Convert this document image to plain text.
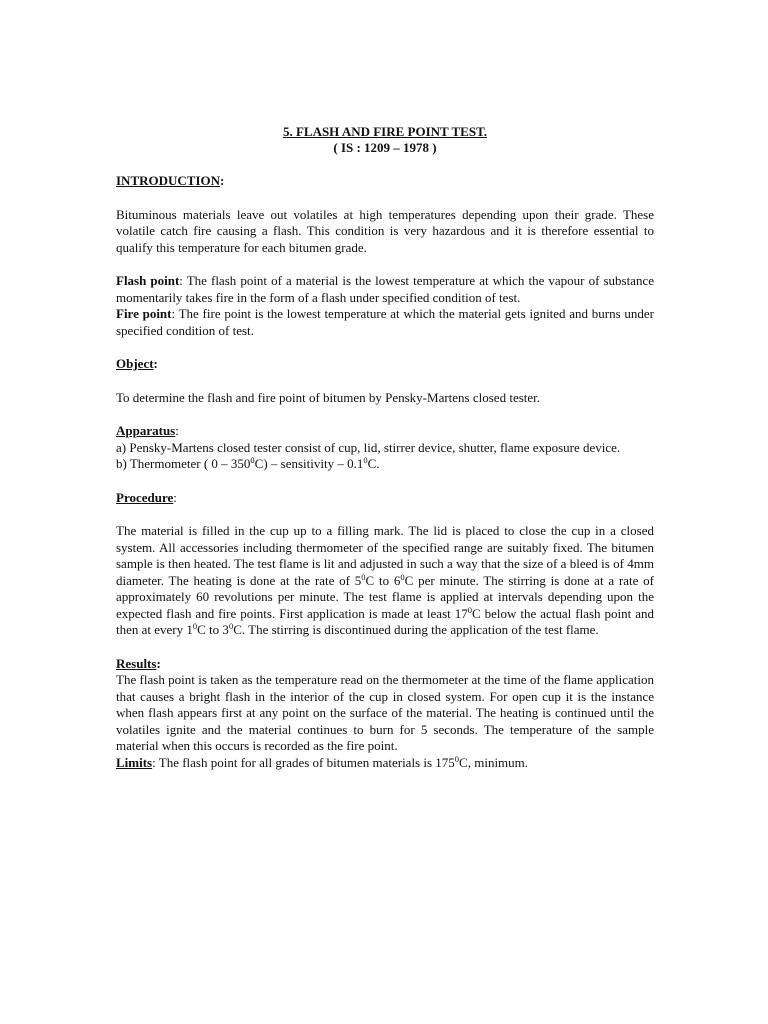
5. FLASH AND FIRE POINT TEST.
( IS : 1209 – 1978 )
INTRODUCTION:

Bituminous materials leave out volatiles at high temperatures depending upon their grade. These volatile catch fire causing a flash. This condition is very hazardous and it is therefore essential to qualify this temperature for each bitumen grade.

Flash point: The flash point of a material is the lowest temperature at which the vapour of substance momentarily takes fire in the form of a flash under specified condition of test.

Fire point: The fire point is the lowest temperature at which the material gets ignited and burns under specified condition of test.

Object:

To determine the flash and fire point of bitumen by Pensky-Martens closed tester.

Apparatus:

a) Pensky-Martens closed tester consist of cup, lid, stirrer device, shutter, flame exposure device.

b) Thermometer ( $0 - 350^0C$) – sensitivity – $0.1^0C$.

Procedure:

The material is filled in the cup up to a filling mark. The lid is placed to close the cup in a closed system. All accessories including thermometer of the specified range are suitably fixed. The bitumen sample is then heated. The test flame is lit and adjusted in such a way that the size of a bleed is of 4mm diameter. The heating is done at the rate of $5^0C$ to $6^0C$ per minute. The stirring is done at a rate of approximately 60 revolutions per minute. The test flame is applied at intervals depending upon the expected flash and fire points. First application is made at least $17^0C$ below the actual flash point and then at every $1^0C$ to $3^0C$. The stirring is discontinued during the application of the test flame.

Results:

The flash point is taken as the temperature read on the thermometer at the time of the flame application that causes a bright flash in the interior of the cup in closed system. For open cup it is the instance when flash appears first at any point on the surface of the material. The heating is continued until the volatiles ignite and the material continues to burn for 5 seconds. The temperature of the sample material when this occurs is recorded as the fire point.

Limits: The flash point for all grades of bitumen materials is $175^0C$, minimum.
